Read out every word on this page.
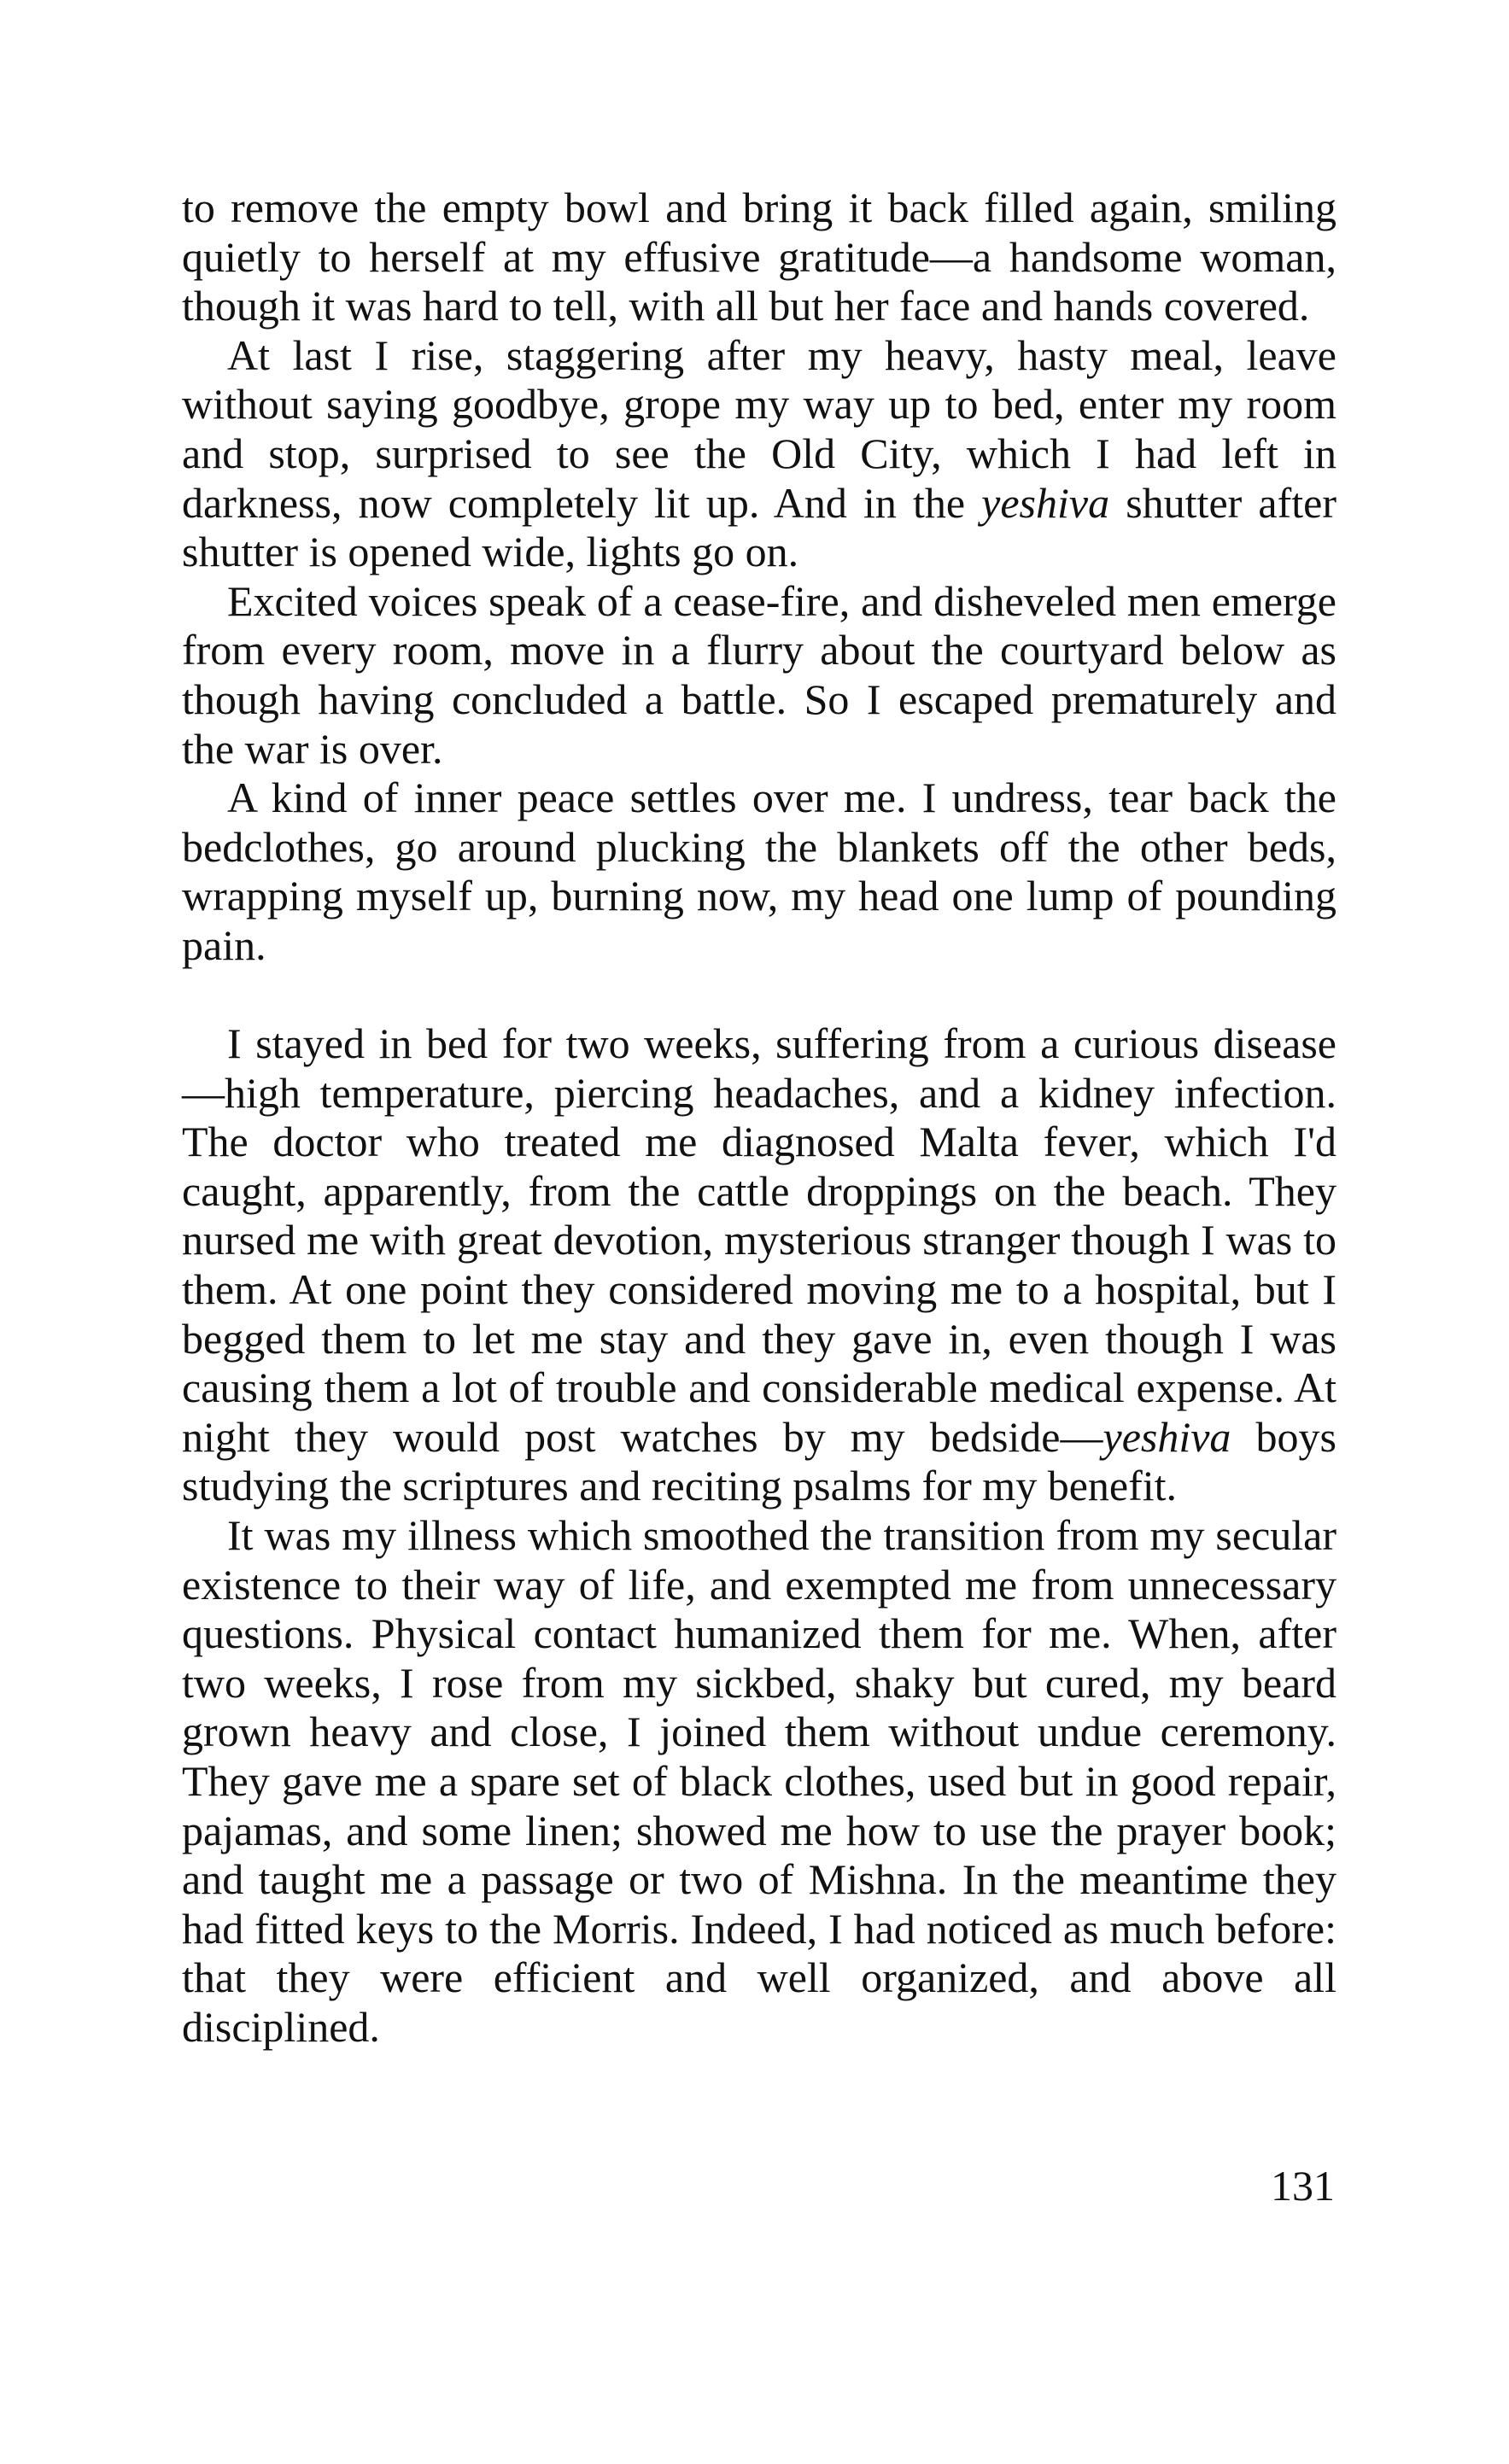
to remove the empty bowl and bring it back filled again, smiling quietly to herself at my effusive gratitude—a handsome woman, though it was hard to tell, with all but her face and hands covered.

At last I rise, staggering after my heavy, hasty meal, leave without saying goodbye, grope my way up to bed, enter my room and stop, surprised to see the Old City, which I had left in darkness, now completely lit up. And in the yeshiva shutter after shutter is opened wide, lights go on.

Excited voices speak of a cease-fire, and disheveled men emerge from every room, move in a flurry about the courtyard below as though having concluded a battle. So I escaped prematurely and the war is over.

A kind of inner peace settles over me. I undress, tear back the bedclothes, go around plucking the blankets off the other beds, wrapping myself up, burning now, my head one lump of pounding pain.

I stayed in bed for two weeks, suffering from a curious disease—high temperature, piercing headaches, and a kidney infection. The doctor who treated me diagnosed Malta fever, which I'd caught, apparently, from the cattle droppings on the beach. They nursed me with great devotion, mysterious stranger though I was to them. At one point they considered moving me to a hospital, but I begged them to let me stay and they gave in, even though I was causing them a lot of trouble and considerable medical expense. At night they would post watches by my bedside—yeshiva boys studying the scriptures and reciting psalms for my benefit.

It was my illness which smoothed the transition from my secular existence to their way of life, and exempted me from unnecessary questions. Physical contact humanized them for me. When, after two weeks, I rose from my sickbed, shaky but cured, my beard grown heavy and close, I joined them without undue ceremony. They gave me a spare set of black clothes, used but in good repair, pajamas, and some linen; showed me how to use the prayer book; and taught me a passage or two of Mishna. In the meantime they had fitted keys to the Morris. Indeed, I had noticed as much before: that they were efficient and well organized, and above all disciplined.

131
